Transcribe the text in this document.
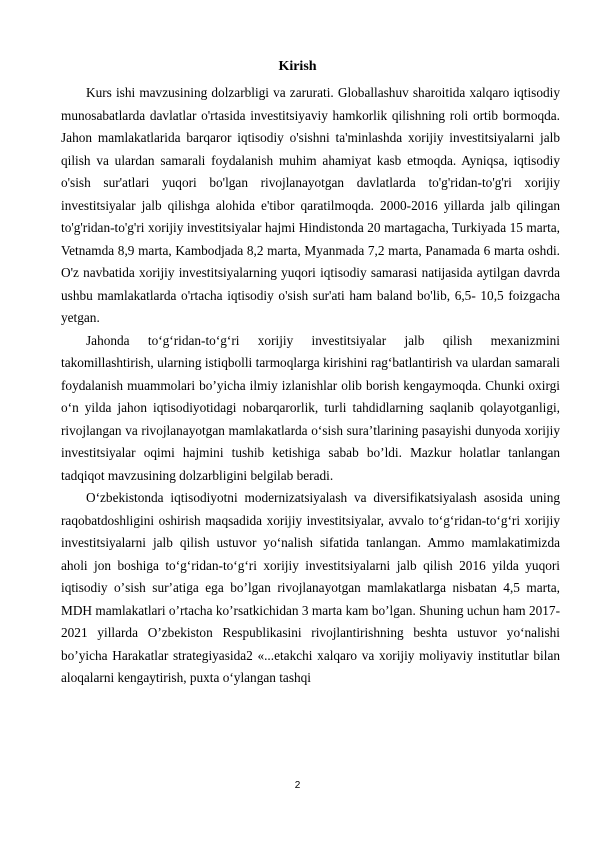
Kirish

Kurs ishi mavzusining dolzarbligi va zarurati. Globallashuv sharoitida xalqaro iqtisodiy munosabatlarda davlatlar o'rtasida investitsiyaviy hamkorlik qilishning roli ortib bormoqda. Jahon mamlakatlarida barqaror iqtisodiy o'sishni ta'minlashda xorijiy investitsiyalarni jalb qilish va ulardan samarali foydalanish muhim ahamiyat kasb etmoqda. Ayniqsa, iqtisodiy o'sish sur'atlari yuqori bo'lgan rivojlanayotgan davlatlarda to'g'ridan-to'g'ri xorijiy investitsiyalar jalb qilishga alohida e'tibor qaratilmoqda. 2000-2016 yillarda jalb qilingan to'g'ridan-to'g'ri xorijiy investitsiyalar hajmi Hindistonda 20 martagacha, Turkiyada 15 marta, Vetnamda 8,9 marta, Kambodjada 8,2 marta, Myanmada 7,2 marta, Panamada 6 marta oshdi. O'z navbatida xorijiy investitsiyalarning yuqori iqtisodiy samarasi natijasida aytilgan davrda ushbu mamlakatlarda o'rtacha iqtisodiy o'sish sur'ati ham baland bo'lib, 6,5- 10,5 foizgacha yetgan.

Jahonda toʻgʻridan-toʻgʻri xorijiy investitsiyalar jalb qilish mexanizmini takomillashtirish, ularning istiqbolli tarmoqlarga kirishini ragʻbatlantirish va ulardan samarali foydalanish muammolari boʼyicha ilmiy izlanishlar olib borish kengaymoqda. Chunki oxirgi oʻn yilda jahon iqtisodiyotidagi nobarqarorlik, turli tahdidlarning saqlanib qolayotganligi, rivojlangan va rivojlanayotgan mamlakatlarda oʻsish suraʼtlarining pasayishi dunyoda xorijiy investitsiyalar oqimi hajmini tushib ketishiga sabab boʼldi. Mazkur holatlar tanlangan tadqiqot mavzusining dolzarbligini belgilab beradi.

Oʻzbekistonda iqtisodiyotni modernizatsiyalash va diversifikatsiyalash asosida uning raqobatdoshligini oshirish maqsadida xorijiy investitsiyalar, avvalo toʻgʻridan-toʻgʻri xorijiy investitsiyalarni jalb qilish ustuvor yoʻnalish sifatida tanlangan. Ammo mamlakatimizda aholi jon boshiga toʻgʻridan-toʻgʻri xorijiy investitsiyalarni jalb qilish 2016 yilda yuqori iqtisodiy oʼsish surʼatiga ega boʼlgan rivojlanayotgan mamlakatlarga nisbatan 4,5 marta, MDH mamlakatlari oʼrtacha koʼrsatkichidan 3 marta kam boʼlgan. Shuning uchun ham 2017-2021 yillarda Oʼzbekiston Respublikasini rivojlantirishning beshta ustuvor yoʻnalishi boʼyicha Harakatlar strategiyasida2 «...etakchi xalqaro va xorijiy moliyaviy institutlar bilan aloqalarni kengaytirish, puxta oʻylangan tashqi

2
